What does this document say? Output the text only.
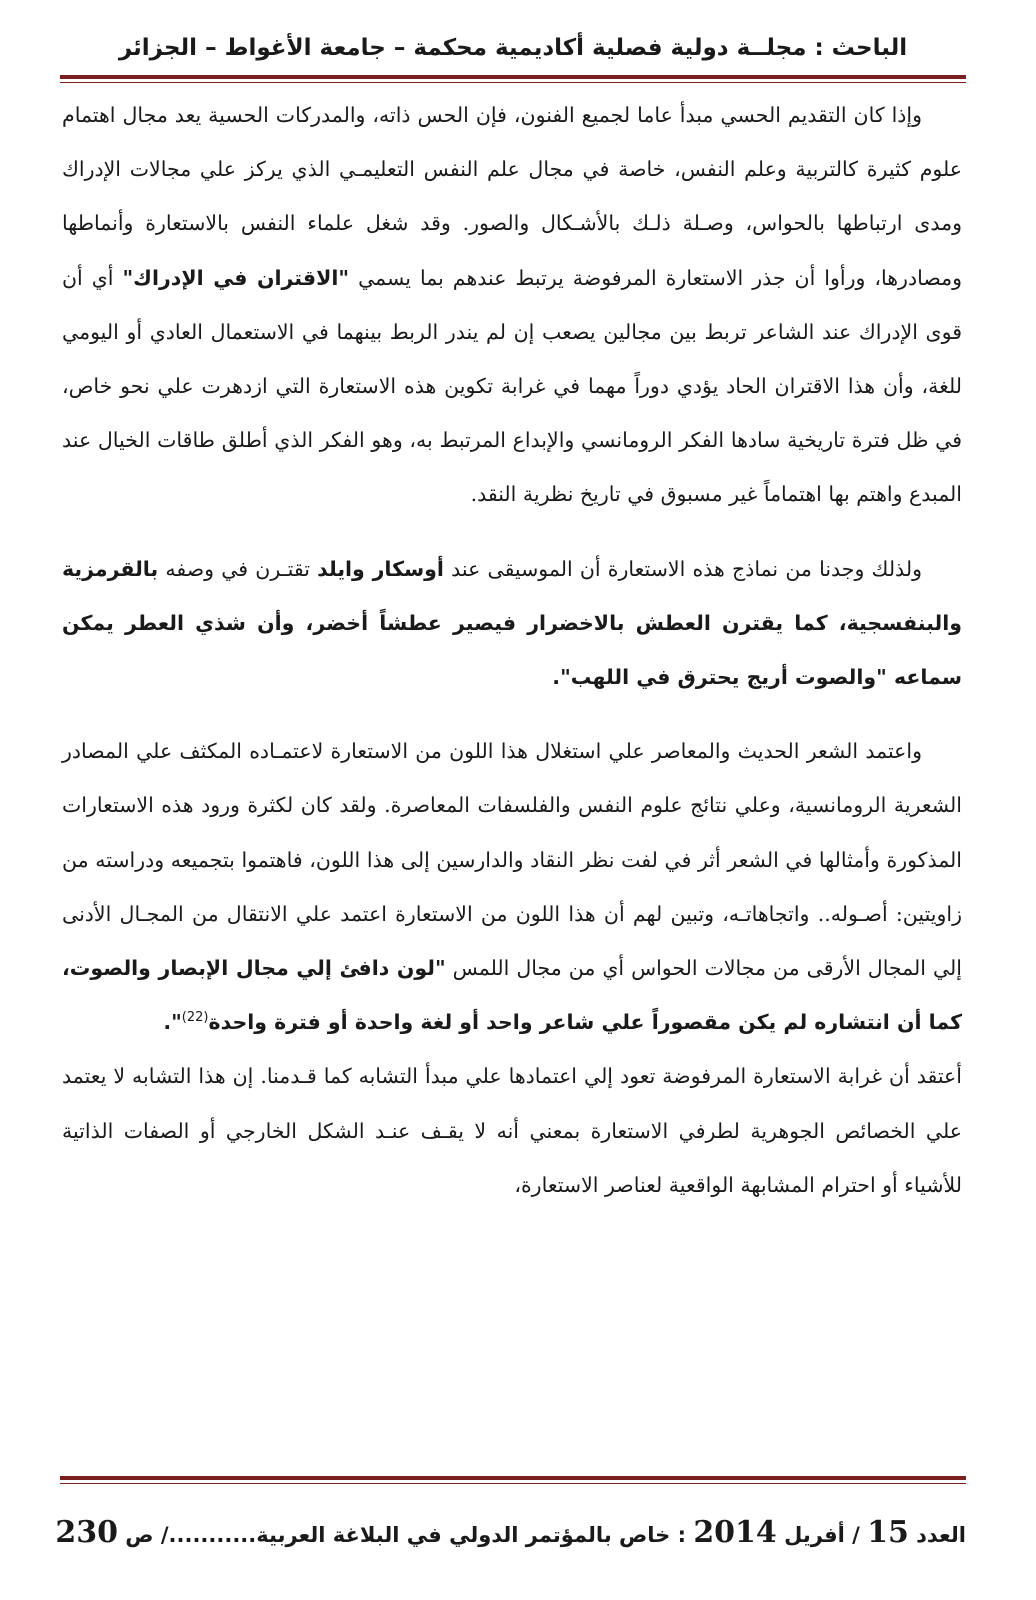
الباحث : مجلــة دولية فصلية أكاديمية محكمة – جامعة الأغواط – الجزائر

وإذا كان التقديم الحسي مبدأ عاما لجميع الفنون، فإن الحس ذاته، والمدركات الحسية يعد مجال اهتمام علوم كثيرة كالتربية وعلم النفس، خاصة في مجال علم النفس التعليمـي الذي يركز علي مجالات الإدراك ومدى ارتباطها بالحواس، وصـلة ذلـك بالأشـكال والصور. وقد شغل علماء النفس بالاستعارة وأنماطها ومصادرها، ورأوا أن جذر الاستعارة المرفوضة يرتبط عندهم بما يسمي "الاقتران في الإدراك" أي أن قوى الإدراك عند الشاعر تربط بين مجالين يصعب إن لم يندر الربط بينهما في الاستعمال العادي أو اليومي للغة، وأن هذا الاقتران الحاد يؤدي دوراً مهما في غرابة تكوين هذه الاستعارة التي ازدهرت علي نحو خاص، في ظل فترة تاريخية سادها الفكر الرومانسي والإبداع المرتبط به، وهو الفكر الذي أطلق طاقات الخيال عند المبدع واهتم بها اهتماماً غير مسبوق في تاريخ نظرية النقد.

ولذلك وجدنا من نماذج هذه الاستعارة أن الموسيقى عند أوسكار وايلد تقتـرن في وصفه بالقرمزية والبنفسجية، كما يقترن العطش بالاخضرار فيصير عطشاً أخضر، وأن شذي العطر يمكن سماعه "والصوت أريج يحترق في اللهب".

واعتمد الشعر الحديث والمعاصر علي استغلال هذا اللون من الاستعارة لاعتمـاده المكثف علي المصادر الشعرية الرومانسية، وعلي نتائج علوم النفس والفلسفات المعاصرة. ولقد كان لكثرة ورود هذه الاستعارات المذكورة وأمثالها في الشعر أثر في لفت نظر النقاد والدارسين إلى هذا اللون، فاهتموا بتجميعه ودراسته من زاويتين: أصـوله.. واتجاهاتـه، وتبين لهم أن هذا اللون من الاستعارة اعتمد علي الانتقال من المجـال الأدنى إلي المجال الأرقى من مجالات الحواس أي من مجال اللمس "لون دافئ إلي مجال الإبصار والصوت، كما أن انتشاره لم يكن مقصوراً علي شاعر واحد أو لغة واحدة أو فترة واحدة$^{(22)}$".

أعتقد أن غرابة الاستعارة المرفوضة تعود إلي اعتمادها علي مبدأ التشابه كما قـدمنا. إن هذا التشابه لا يعتمد علي الخصائص الجوهرية لطرفي الاستعارة بمعني أنه لا يقـف عنـد الشكل الخارجي أو الصفات الذاتية للأشياء أو احترام المشابهة الواقعية لعناصر الاستعارة،

العدد 15 / أفريل 2014 : خاص بالمؤتمر الدولي في البلاغة العربية.........../ ص 230
